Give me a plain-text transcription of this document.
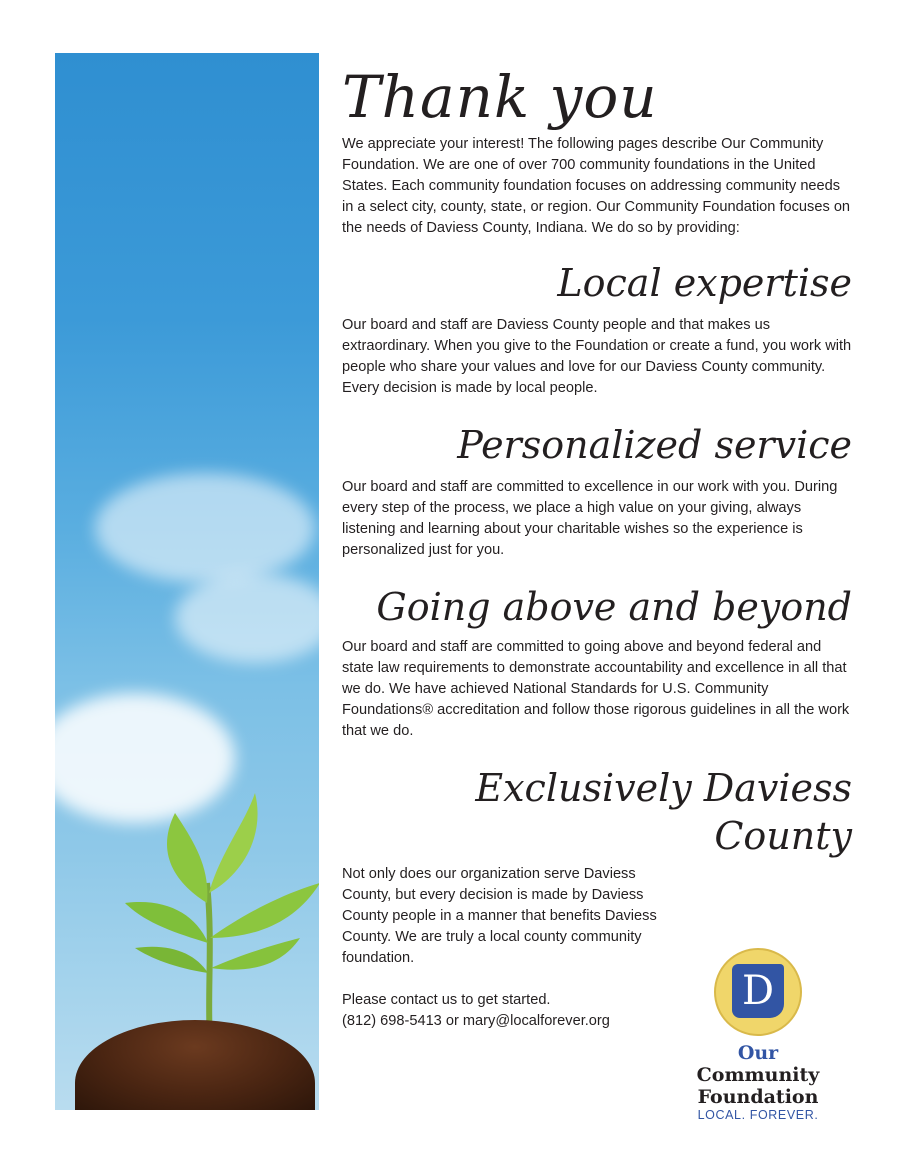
Thank you

We appreciate your interest! The following pages describe Our Community Foundation. We are one of over 700 community foundations in the United States. Each community foundation focuses on addressing community needs in a select city, county, state, or region. Our Community Foundation focuses on the needs of Daviess County, Indiana. We do so by providing:

Local expertise

Our board and staff are Daviess County people and that makes us extraordinary. When you give to the Foundation or create a fund, you work with people who share your values and love for our Daviess County community. Every decision is made by local people.

Personalized service

Our board and staff are committed to excellence in our work with you. During every step of the process, we place a high value on your giving, always listening and learning about your charitable wishes so the experience is personalized just for you.

Going above and beyond

Our board and staff are committed to going above and beyond federal and state law requirements to demonstrate accountability and excellence in all that we do. We have achieved National Standards for U.S. Community Foundations® accreditation and follow those rigorous guidelines in all the work that we do.

Exclusively Daviess County

Not only does our organization serve Daviess County, but every decision is made by Daviess County people in a manner that benefits Daviess County. We are truly a local county community foundation.

Please contact us to get started.

(812) 698-5413 or mary@localforever.org

D
Our Community
Foundation
LOCAL. FOREVER.
